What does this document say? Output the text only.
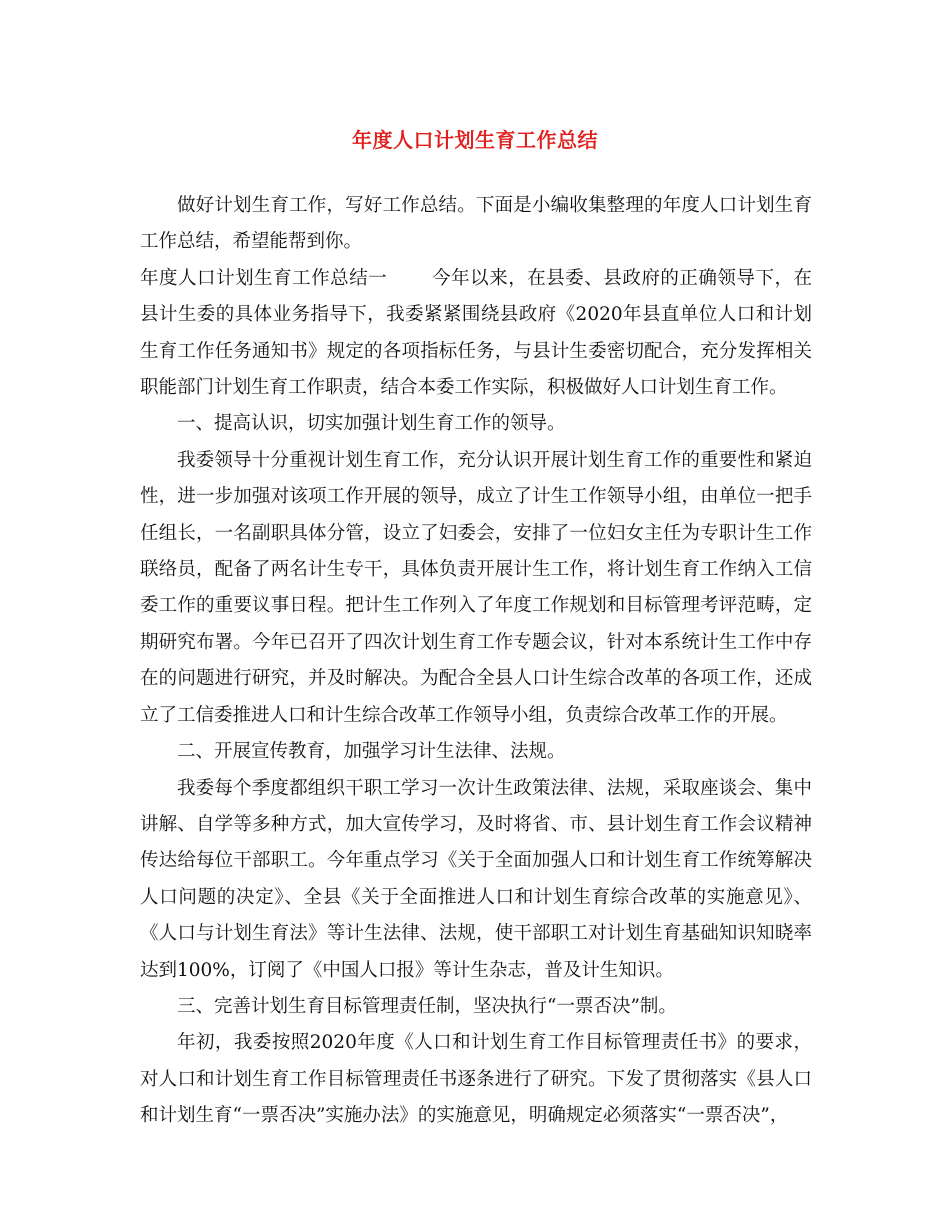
年度人口计划生育工作总结

做好计划生育工作，写好工作总结。下面是小编收集整理的年度人口计划生育工作总结，希望能帮到你。

年度人口计划生育工作总结一 今年以来，在县委、县政府的正确领导下，在县计生委的具体业务指导下，我委紧紧围绕县政府《2020年县直单位人口和计划生育工作任务通知书》规定的各项指标任务，与县计生委密切配合，充分发挥相关职能部门计划生育工作职责，结合本委工作实际，积极做好人口计划生育工作。

一、提高认识，切实加强计划生育工作的领导。

我委领导十分重视计划生育工作，充分认识开展计划生育工作的重要性和紧迫性，进一步加强对该项工作开展的领导，成立了计生工作领导小组，由单位一把手任组长，一名副职具体分管，设立了妇委会，安排了一位妇女主任为专职计生工作联络员，配备了两名计生专干，具体负责开展计生工作，将计划生育工作纳入工信委工作的重要议事日程。把计生工作列入了年度工作规划和目标管理考评范畴，定期研究布署。今年已召开了四次计划生育工作专题会议，针对本系统计生工作中存在的问题进行研究，并及时解决。为配合全县人口计生综合改革的各项工作，还成立了工信委推进人口和计生综合改革工作领导小组，负责综合改革工作的开展。

二、开展宣传教育，加强学习计生法律、法规。

我委每个季度都组织干职工学习一次计生政策法律、法规，采取座谈会、集中讲解、自学等多种方式，加大宣传学习，及时将省、市、县计划生育工作会议精神传达给每位干部职工。今年重点学习《关于全面加强人口和计划生育工作统筹解决人口问题的决定》、全县《关于全面推进人口和计划生育综合改革的实施意见》、《人口与计划生育法》等计生法律、法规，使干部职工对计划生育基础知识知晓率达到100%，订阅了《中国人口报》等计生杂志，普及计生知识。

三、完善计划生育目标管理责任制，坚决执行“一票否决”制。

年初，我委按照2020年度《人口和计划生育工作目标管理责任书》的要求，对人口和计划生育工作目标管理责任书逐条进行了研究。下发了贯彻落实《县人口和计划生育“一票否决”实施办法》的实施意见，明确规定必须落实“一票否决”，
